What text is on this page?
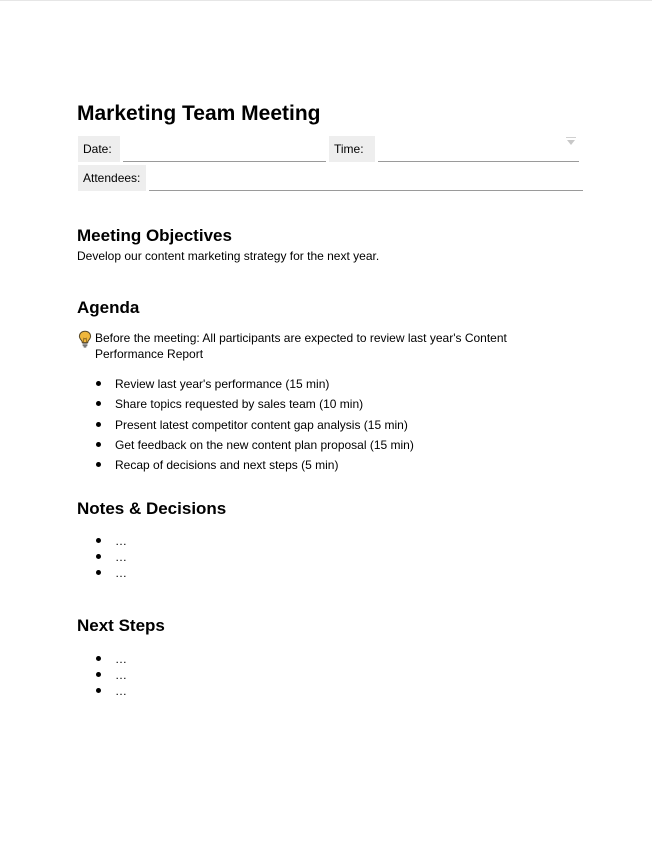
Marketing Team Meeting
Date:	Time:
Attendees:
Meeting Objectives
Develop our content marketing strategy for the next year.
Agenda
Before the meeting: All participants are expected to review last year's Content Performance Report
Review last year's performance (15 min)
Share topics requested by sales team (10 min)
Present latest competitor content gap analysis (15 min)
Get feedback on the new content plan proposal (15 min)
Recap of decisions and next steps (5 min)
Notes & Decisions
…
…
…
Next Steps
…
…
…
